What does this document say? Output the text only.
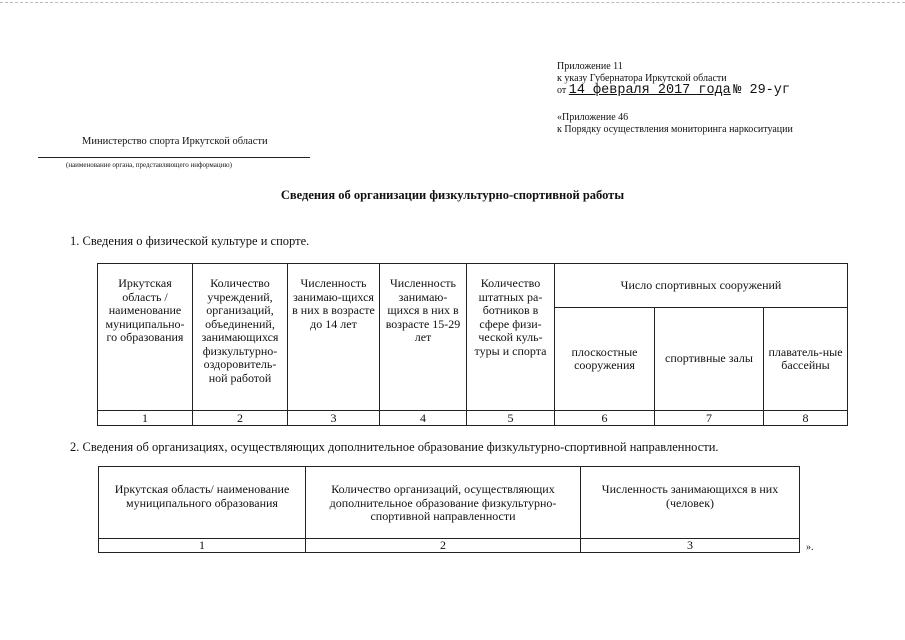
Приложение 11
к указу Губернатора Иркутской области
от 14 февраля 2017 года № 29-уг
«Приложение 46
к Порядку осуществления мониторинга наркоситуации
Министерство спорта Иркутской области
(наименование органа, представляющего информацию)
Сведения об организации физкультурно-спортивной работы
1. Сведения о физической культуре и спорте.
Иркутская область /наименование муниципально-го образования	Количество учреждений, организаций, объединений, занимающихся физкультурно-оздоровитель-ной работой	Численность занимаю-щихся в них в возрасте до 14 лет	Численность занимаю-щихся в них в возрасте 15-29 лет	Количество штатных ра-ботников в сфере физи-ческой куль-туры и спорта	Число спортивных сооружений		
					плоскостные сооружения	спортивные залы	плаватель-ные бассейны
1	2	3	4	5	6	7	8
2. Сведения об организациях, осуществляющих дополнительное образование физкультурно-спортивной направленности.
Иркутская область/ наименование муниципального образования	Количество организаций, осуществляющих дополнительное образование физкультурно-спортивной направленности	Численность занимающихся в них (человек)
1	2	3	».
